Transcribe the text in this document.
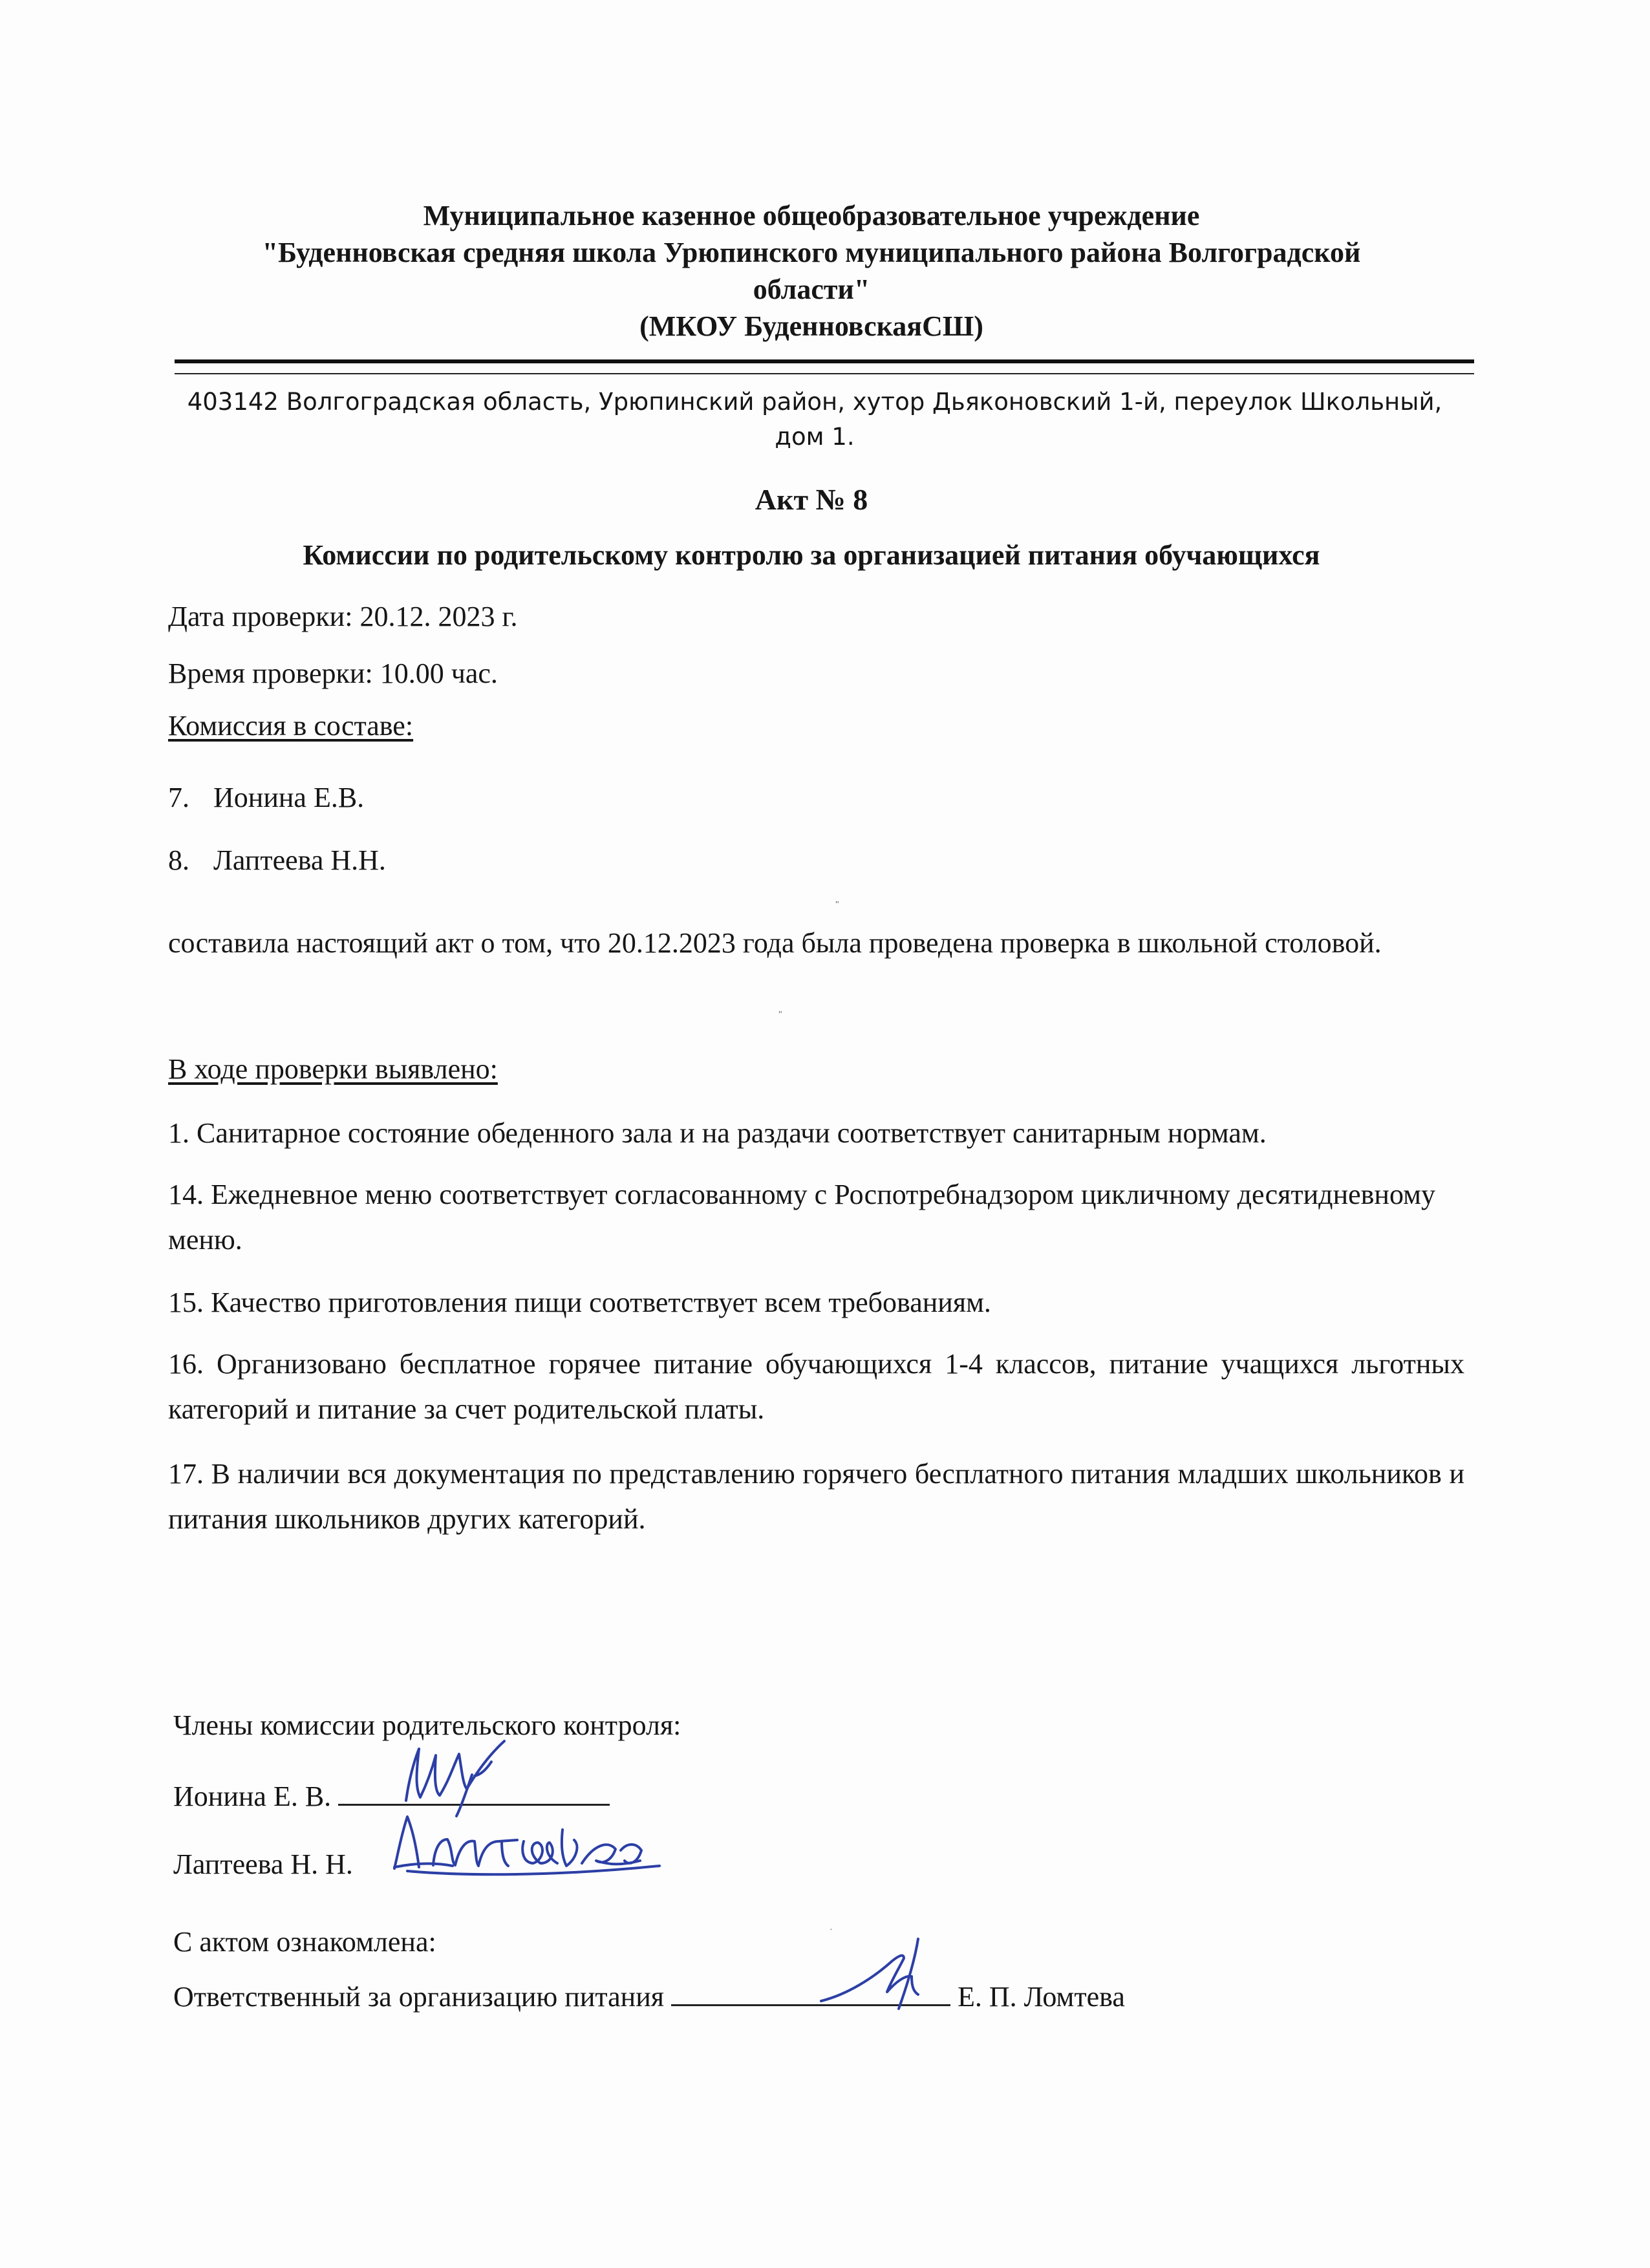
Муниципальное казенное общеобразовательное учреждение
"Буденновская средняя школа Урюпинского муниципального района Волгоградской
области"
(МКОУ БуденновскаяСШ)
403142 Волгоградская область, Урюпинский район, хутор Дьяконовский 1-й, переулок Школьный,
дом 1.
Акт № 8
Комиссии по родительскому контролю за организацией питания обучающихся
Дата проверки: 20.12. 2023 г.
Время проверки: 10.00 час.
Комиссия в составе:
7. Ионина Е.В.
8. Лаптеева Н.Н.
"
составила настоящий акт о том, что 20.12.2023 года была проведена проверка в школьной столовой.
"
В ходе проверки выявлено:
1. Санитарное состояние обеденного зала и на раздачи соответствует санитарным нормам.
14. Ежедневное меню соответствует согласованному с Роспотребнадзором цикличному десятидневному меню.
15. Качество приготовления пищи соответствует всем требованиям.
16. Организовано бесплатное горячее питание обучающихся 1-4 классов, питание учащихся льготных категорий и питание за счет родительской платы.
17. В наличии вся документация по представлению горячего бесплатного питания младших школьников и питания школьников других категорий.
Члены комиссии родительского контроля:
Ионина Е. В.
Лаптеева Н. Н.
С актом ознакомлена:	·
Ответственный за организацию питания	Е. П. Ломтева
